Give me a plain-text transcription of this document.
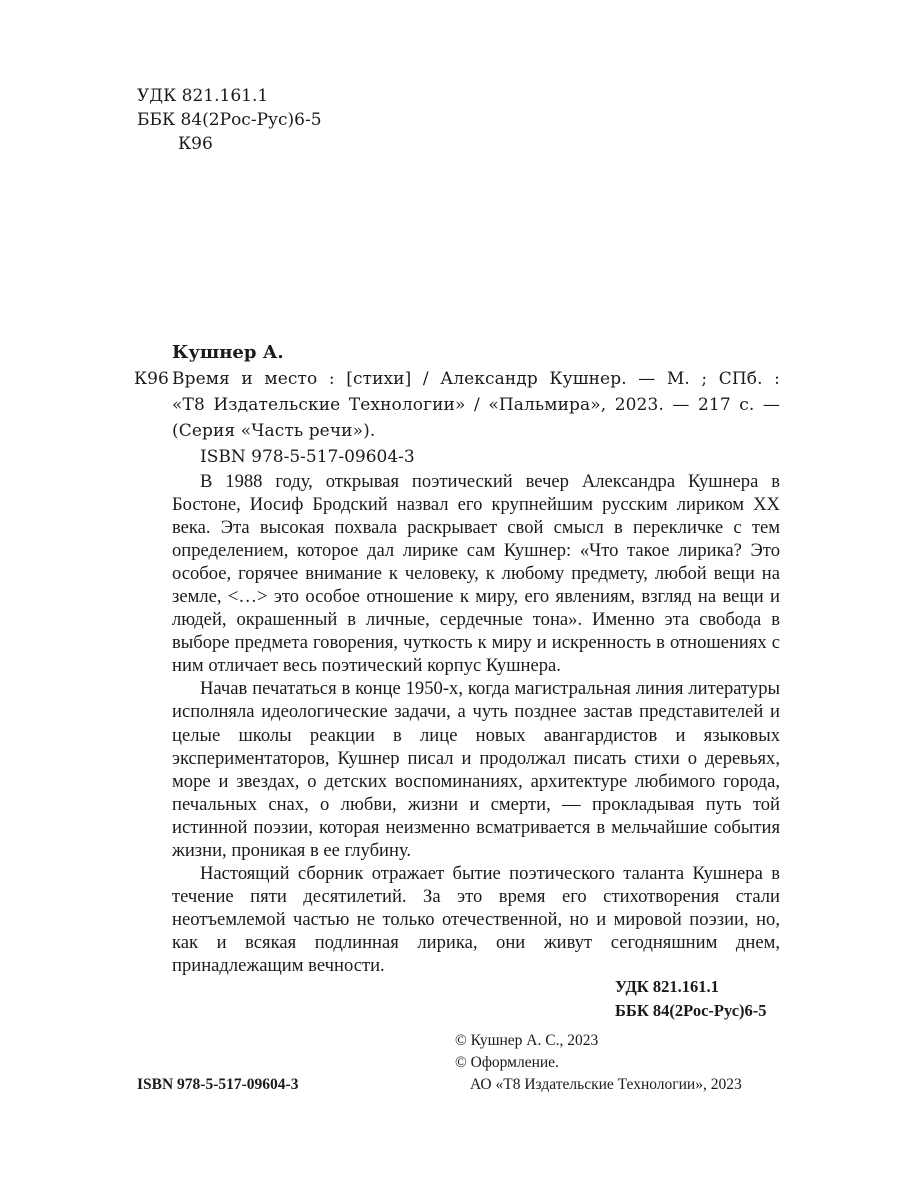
УДК 821.161.1
ББК 84(2Рос-Рус)6-5
К96
Кушнер А.
К96 Время и место : [стихи] / Александр Кушнер. — М. ; СПб. :
«Т8 Издательские Технологии» / «Пальмира», 2023. — 217 с. —
(Серия «Часть речи»).
ISBN 978-5-517-09604-3

В 1988 году, открывая поэтический вечер Александра Кушнера в Бостоне, Иосиф Бродский назвал его крупнейшим русским лириком XX века. Эта высокая похвала раскрывает свой смысл в перекличке с тем определением, которое дал лирике сам Кушнер: «Что такое лирика? Это особое, горячее внимание к человеку, к любому предмету, любой вещи на земле, <…> это особое отношение к миру, его явлениям, взгляд на вещи и людей, окрашенный в личные, сердечные тона». Именно эта свобода в выборе предмета говорения, чуткость к миру и искренность в отношениях с ним отличает весь поэтический корпус Кушнера.

Начав печататься в конце 1950-х, когда магистральная линия литературы исполняла идеологические задачи, а чуть позднее застав представителей и целые школы реакции в лице новых авангардистов и языковых экспериментаторов, Кушнер писал и продолжал писать стихи о деревьях, море и звездах, о детских воспоминаниях, архитектуре любимого города, печальных снах, о любви, жизни и смерти, — прокладывая путь той истинной поэзии, которая неизменно всматривается в мельчайшие события жизни, проникая в ее глубину.

Настоящий сборник отражает бытие поэтического таланта Кушнера в течение пяти десятилетий. За это время его стихотворения стали неотъемлемой частью не только отечественной, но и мировой поэзии, но, как и всякая подлинная лирика, они живут сегодняшним днем, принадлежащим вечности.

УДК 821.161.1
ББК 84(2Рос-Рус)6-5
© Кушнер А. С., 2023
© Оформление.
АО «Т8 Издательские Технологии», 2023
ISBN 978-5-517-09604-3
